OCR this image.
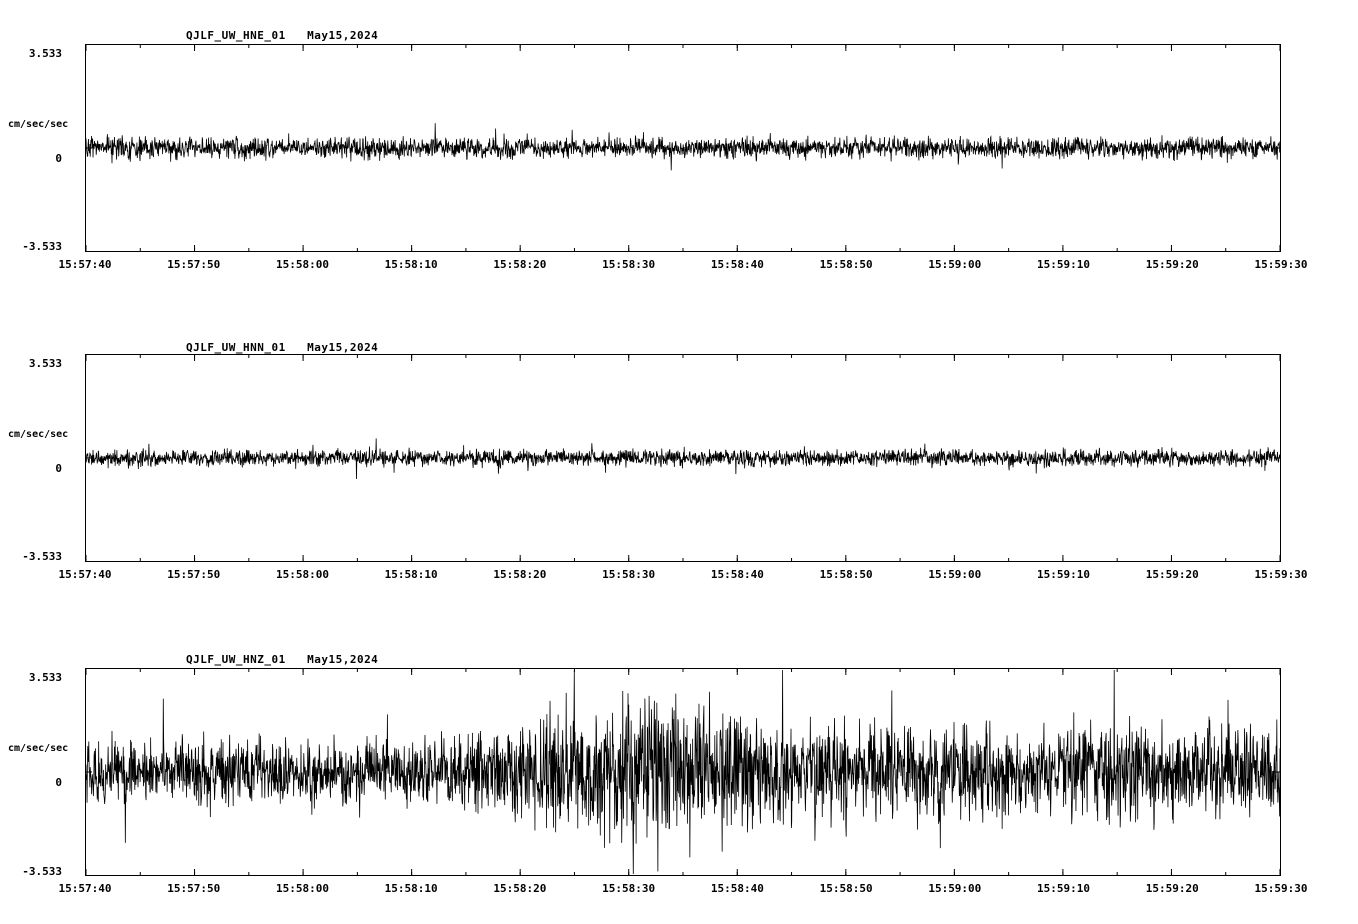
QJLF_UW_HNE_01   May15,2024
3.533
cm/sec/sec
0
-3.533
15:57:40	15:57:50	15:58:00	15:58:10	15:58:20	15:58:30	15:58:40	15:58:50	15:59:00	15:59:10	15:59:20	15:59:30
QJLF_UW_HNN_01   May15,2024
3.533
cm/sec/sec
0
-3.533
15:57:40	15:57:50	15:58:00	15:58:10	15:58:20	15:58:30	15:58:40	15:58:50	15:59:00	15:59:10	15:59:20	15:59:30
QJLF_UW_HNZ_01   May15,2024
3.533
cm/sec/sec
0
-3.533
15:57:40	15:57:50	15:58:00	15:58:10	15:58:20	15:58:30	15:58:40	15:58:50	15:59:00	15:59:10	15:59:20	15:59:30
